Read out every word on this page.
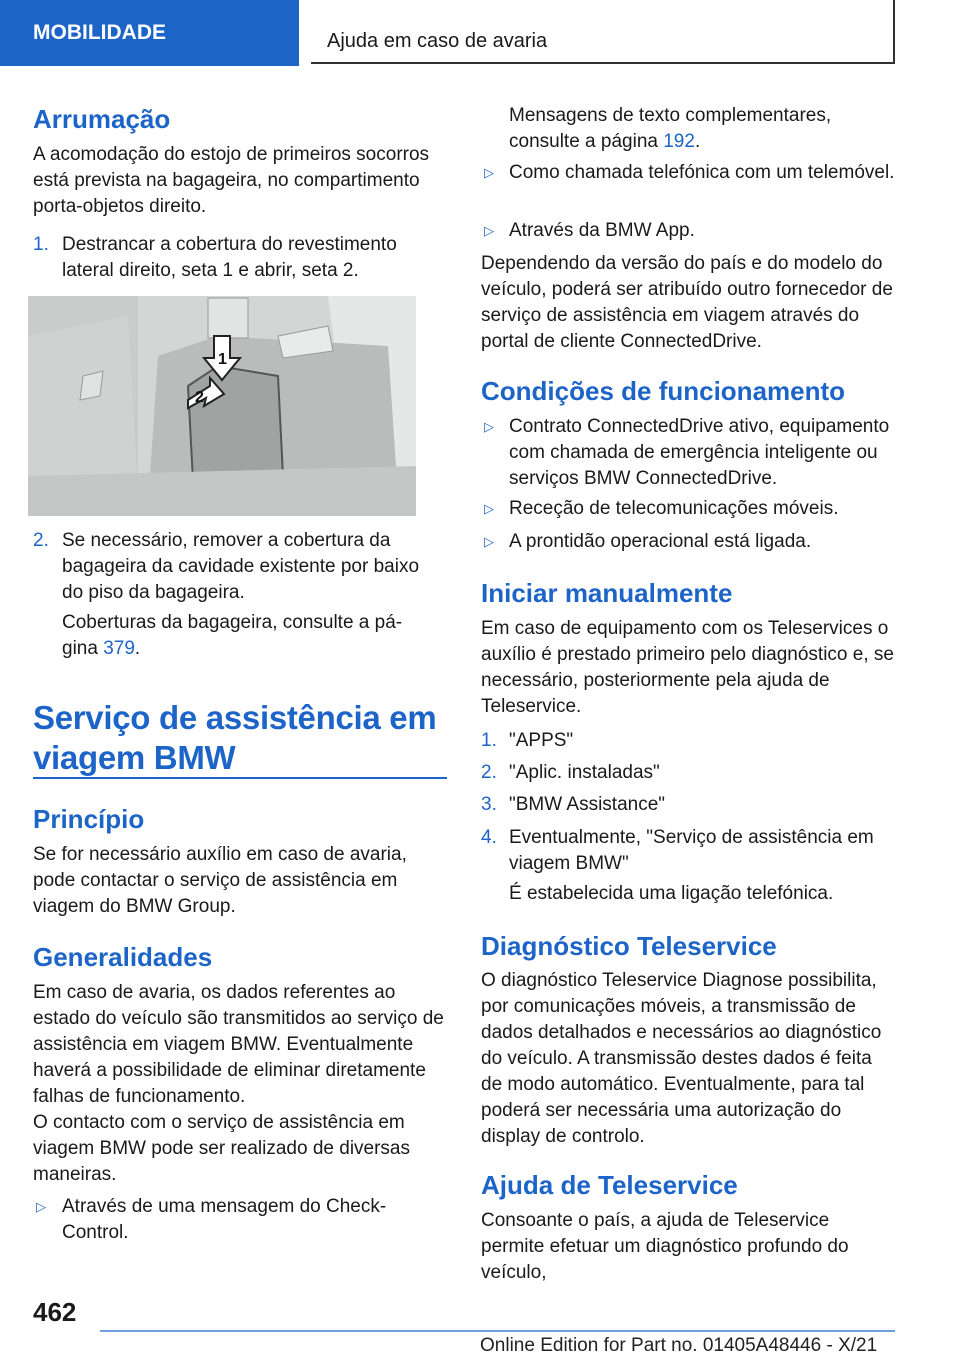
MOBILIDADE	Ajuda em caso de avaria
Arrumação

A acomodação do estojo de primeiros socorros está prevista na bagageira, no compartimento porta-objetos direito.

1. Destrancar a cobertura do revestimento lateral direito, seta 1 e abrir, seta 2.

1
2
2. Se necessário, remover a cobertura da bagageira da cavidade existente por baixo do piso da bagageira.

Coberturas da bagageira, consulte a pá-
gina 379.

Serviço de assistência em
viagem BMW
Princípio

Se for necessário auxílio em caso de avaria, pode contactar o serviço de assistência em viagem do BMW Group.

Generalidades

Em caso de avaria, os dados referentes ao estado do veículo são transmitidos ao serviço de assistência em viagem BMW. Eventualmente haverá a possibilidade de eliminar diretamente falhas de funcionamento.

O contacto com o serviço de assistência em viagem BMW pode ser realizado de diversas maneiras.

▷ Através de uma mensagem do Check-Control.

Mensagens de texto complementares, consulte a página 192.

▷ Como chamada telefónica com um telemóvel.

▷ Através da BMW App.

Dependendo da versão do país e do modelo do veículo, poderá ser atribuído outro fornecedor de serviço de assistência em viagem através do portal de cliente ConnectedDrive.

Condições de funcionamento
▷ Contrato ConnectedDrive ativo, equipamento com chamada de emergência inteligente ou serviços BMW ConnectedDrive.

▷ Receção de telecomunicações móveis.

▷ A prontidão operacional está ligada.

Iniciar manualmente

Em caso de equipamento com os Teleservices o auxílio é prestado primeiro pelo diagnóstico e, se necessário, posteriormente pela ajuda de Teleservice.

1. "APPS"

2. "Aplic. instaladas"

3. "BMW Assistance"

4. Eventualmente, "Serviço de assistência em viagem BMW"

É estabelecida uma ligação telefónica.

Diagnóstico Teleservice

O diagnóstico Teleservice Diagnose possibilita, por comunicações móveis, a transmissão de dados detalhados e necessários ao diagnóstico do veículo. A transmissão destes dados é feita de modo automático. Eventualmente, para tal poderá ser necessária uma autorização do display de controlo.

Ajuda de Teleservice

Consoante o país, a ajuda de Teleservice permite efetuar um diagnóstico profundo do veículo,

462
Online Edition for Part no. 01405A48446 - X/21
